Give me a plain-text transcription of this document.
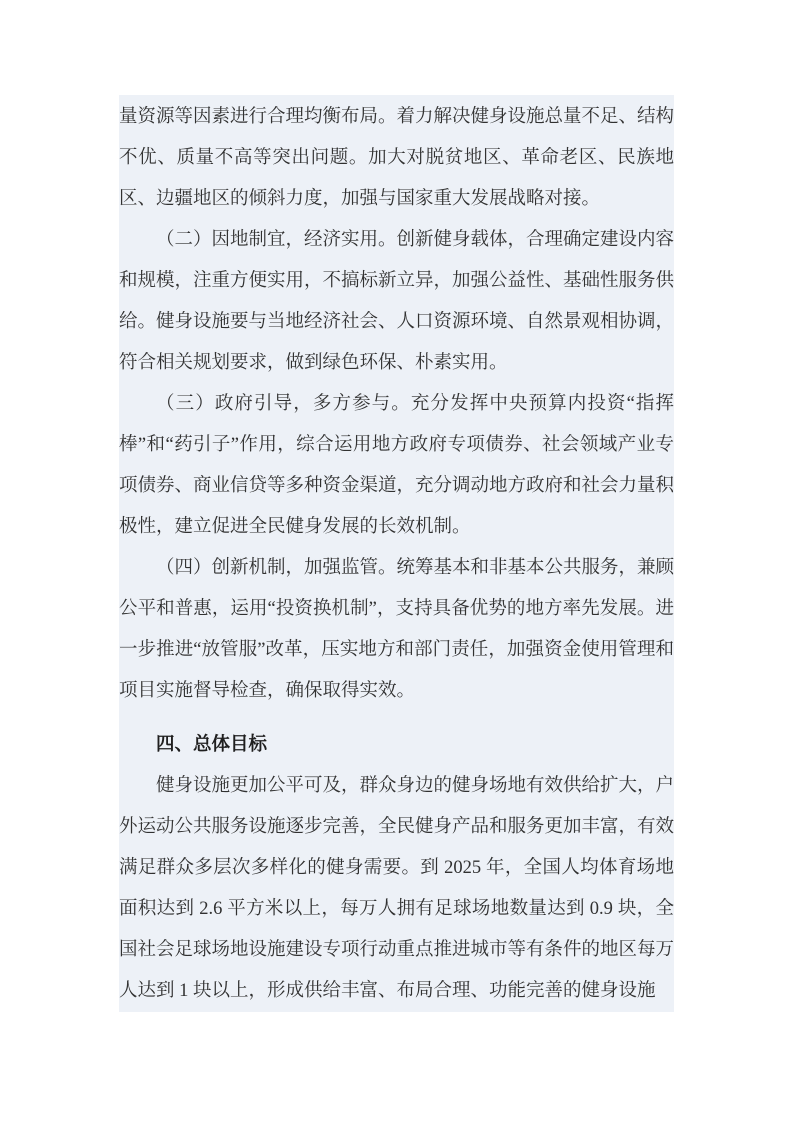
量资源等因素进行合理均衡布局。着力解决健身设施总量不足、结构不优、质量不高等突出问题。加大对脱贫地区、革命老区、民族地区、边疆地区的倾斜力度，加强与国家重大发展战略对接。

（二）因地制宜，经济实用。创新健身载体，合理确定建设内容和规模，注重方便实用，不搞标新立异，加强公益性、基础性服务供给。健身设施要与当地经济社会、人口资源环境、自然景观相协调，符合相关规划要求，做到绿色环保、朴素实用。

（三）政府引导，多方参与。充分发挥中央预算内投资“指挥棒”和“药引子”作用，综合运用地方政府专项债券、社会领域产业专项债券、商业信贷等多种资金渠道，充分调动地方政府和社会力量积极性，建立促进全民健身发展的长效机制。

（四）创新机制，加强监管。统筹基本和非基本公共服务，兼顾公平和普惠，运用“投资换机制”，支持具备优势的地方率先发展。进一步推进“放管服”改革，压实地方和部门责任，加强资金使用管理和项目实施督导检查，确保取得实效。

四、总体目标

健身设施更加公平可及，群众身边的健身场地有效供给扩大，户外运动公共服务设施逐步完善，全民健身产品和服务更加丰富，有效满足群众多层次多样化的健身需要。到 2025 年，全国人均体育场地面积达到 2.6 平方米以上，每万人拥有足球场地数量达到 0.9 块，全国社会足球场地设施建设专项行动重点推进城市等有条件的地区每万人达到 1 块以上，形成供给丰富、布局合理、功能完善的健身设施
